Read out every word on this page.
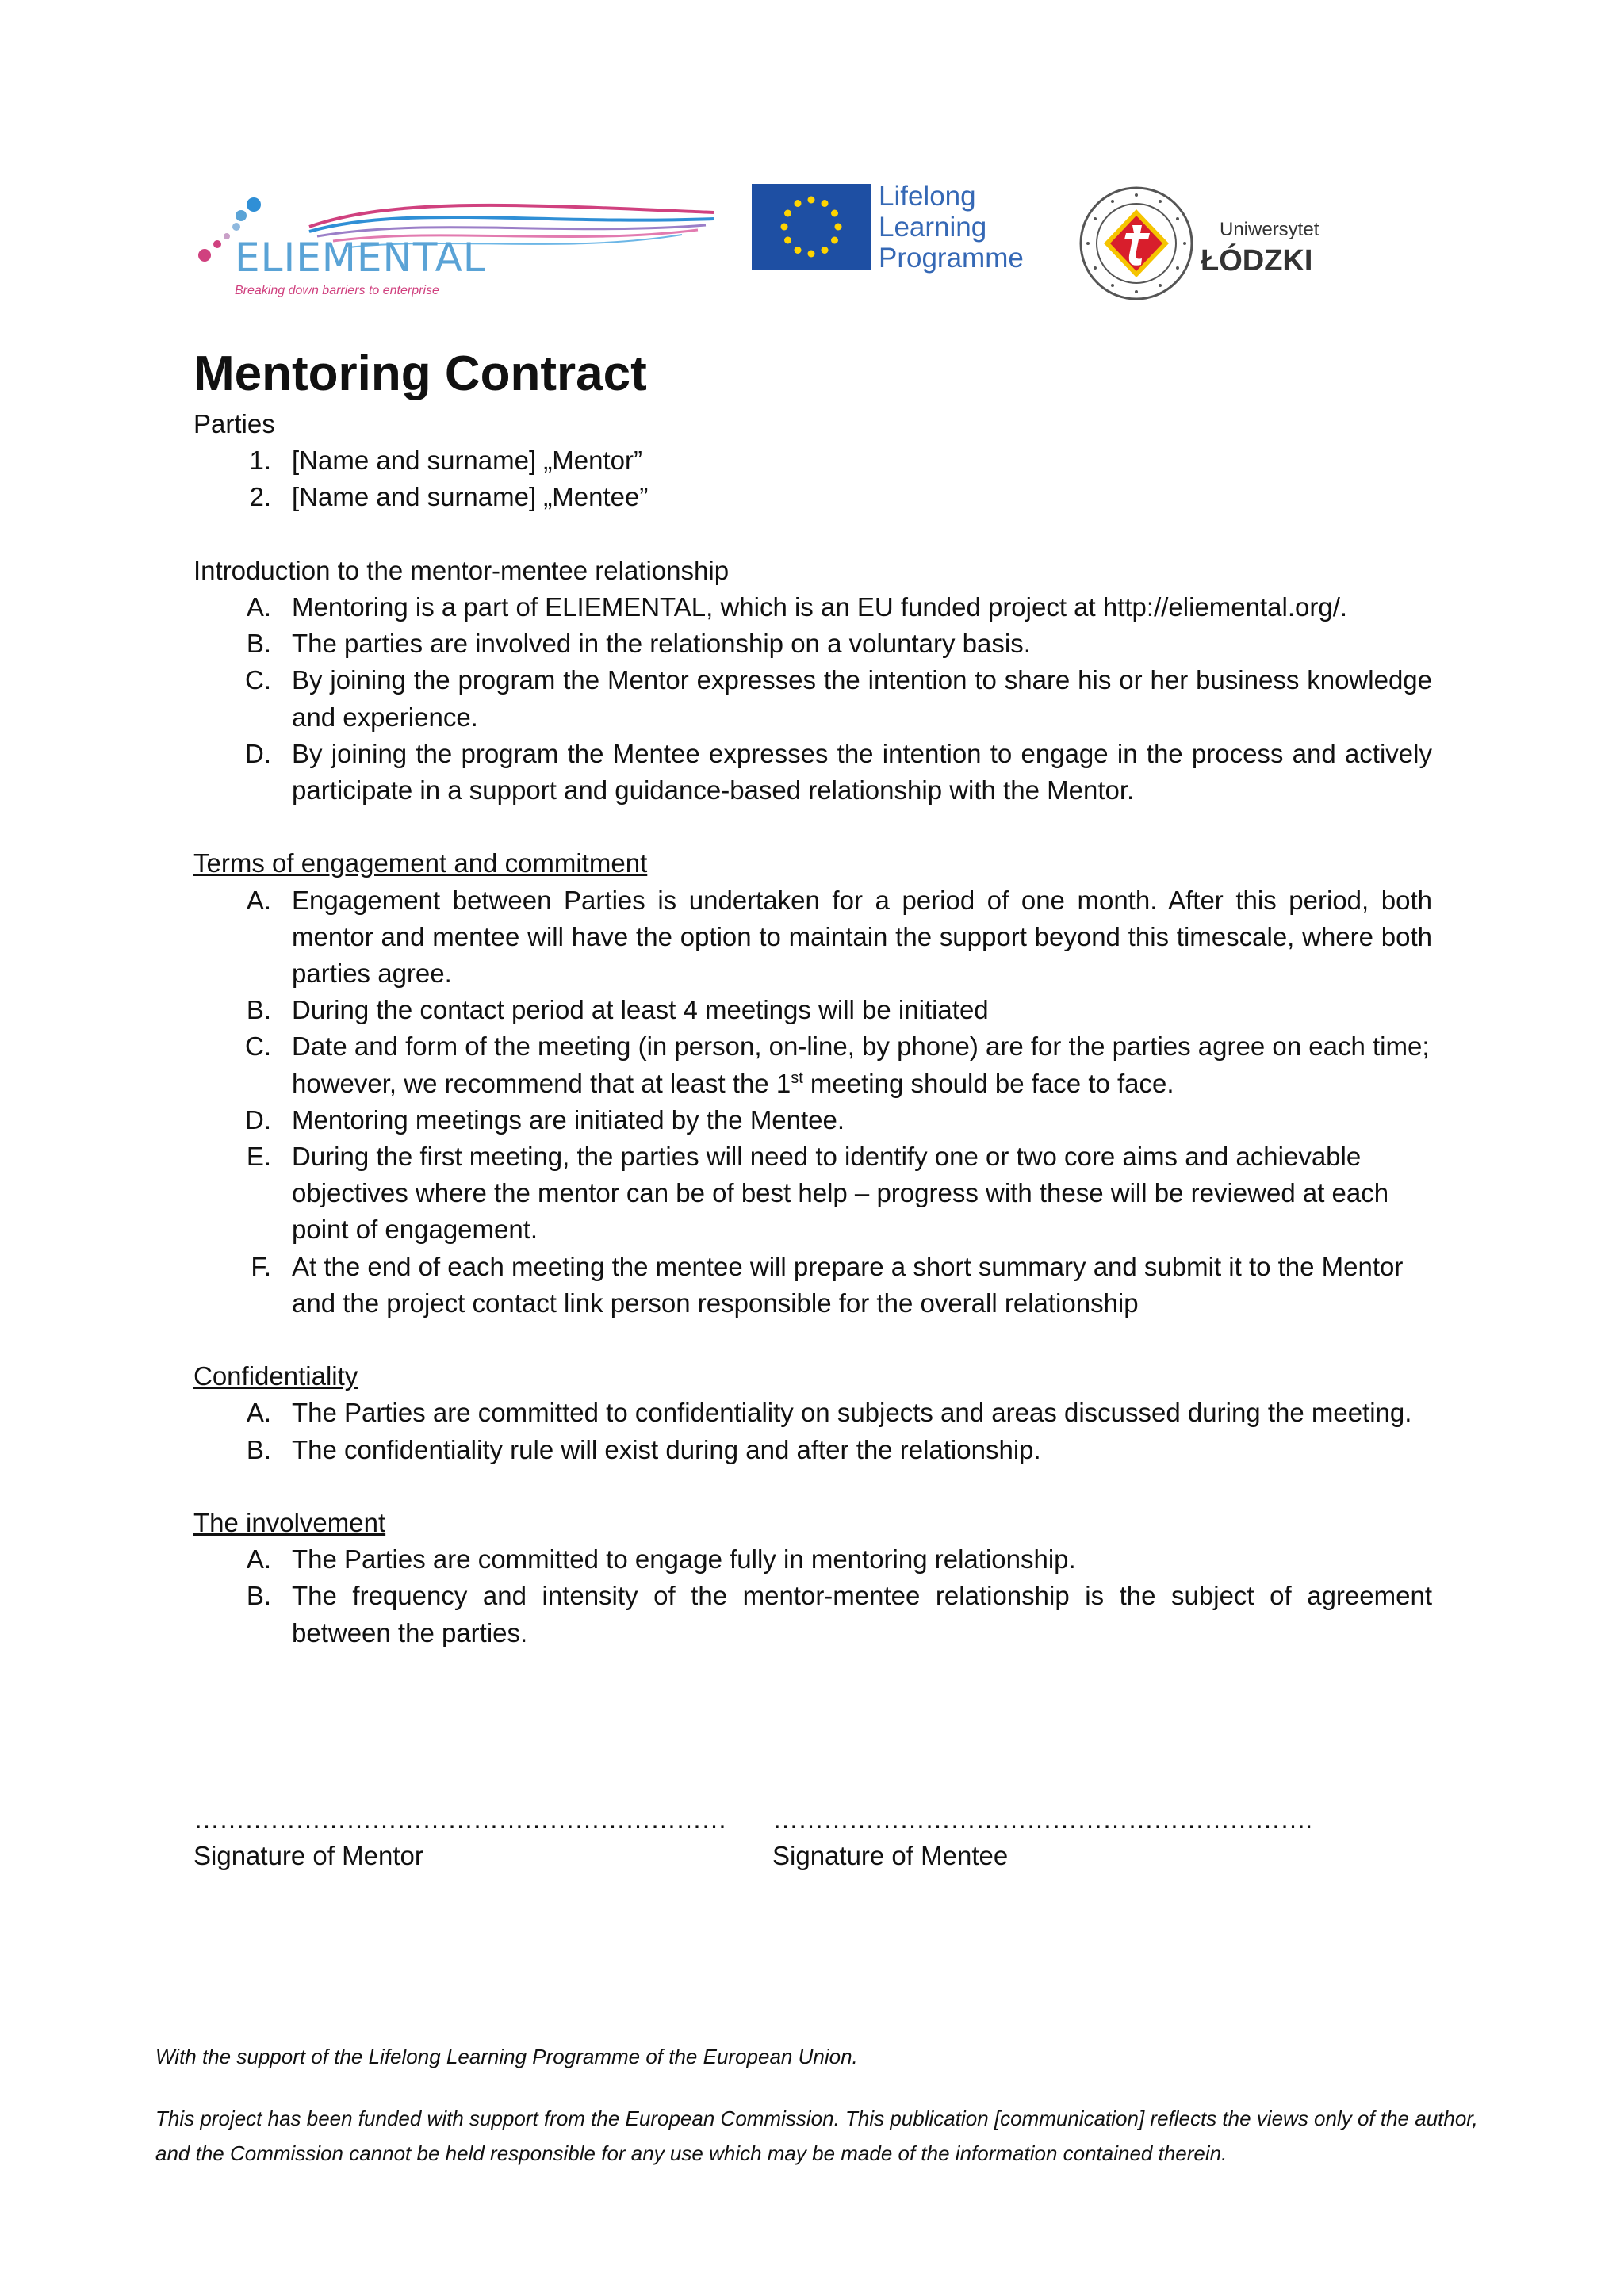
ELIEMENTAL
Breaking down barriers to enterprise
Lifelong
Learning
Programme
Uniwersytet
ŁÓDZKI
Mentoring Contract

Parties

1. [Name and surname] „Mentor”
2. [Name and surname] „Mentee”

Introduction to the mentor-mentee relationship

A. Mentoring is a part of ELIEMENTAL, which is an EU funded project at http://eliemental.org/.
B. The parties are involved in the relationship on a voluntary basis.
C. By joining the program the Mentor expresses the intention to share his or her business knowledge and experience.
D. By joining the program the Mentee expresses the intention to engage in the process and actively participate in a support and guidance-based relationship with the Mentor.

Terms of engagement and commitment

A. Engagement between Parties is undertaken for a period of one month. After this period, both mentor and mentee will have the option to maintain the support beyond this timescale, where both parties agree.
B. During the contact period at least 4 meetings will be initiated
C. Date and form of the meeting (in person, on-line, by phone) are for the parties agree on each time; however, we recommend that at least the 1st meeting should be face to face.
D. Mentoring meetings are initiated by the Mentee.
E. During the first meeting, the parties will need to identify one or two core aims and achievable objectives where the mentor can be of best help – progress with these will be reviewed at each point of engagement.
F. At the end of each meeting the mentee will prepare a short summary and submit it to the Mentor and the project contact link person responsible for the overall relationship

Confidentiality

A. The Parties are committed to confidentiality on subjects and areas discussed during the meeting.
B. The confidentiality rule will exist during and after the relationship.

The involvement

A. The Parties are committed to engage fully in mentoring relationship.
B. The frequency and intensity of the mentor-mentee relationship is the subject of agreement between the parties.
………………………………………………………
Signature of Mentor
……………………………………………………….
Signature of Mentee

With the support of the Lifelong Learning Programme of the European Union.

This project has been funded with support from the European Commission. This publication [communication] reflects the views only of the author, and the Commission cannot be held responsible for any use which may be made of the information contained therein.
